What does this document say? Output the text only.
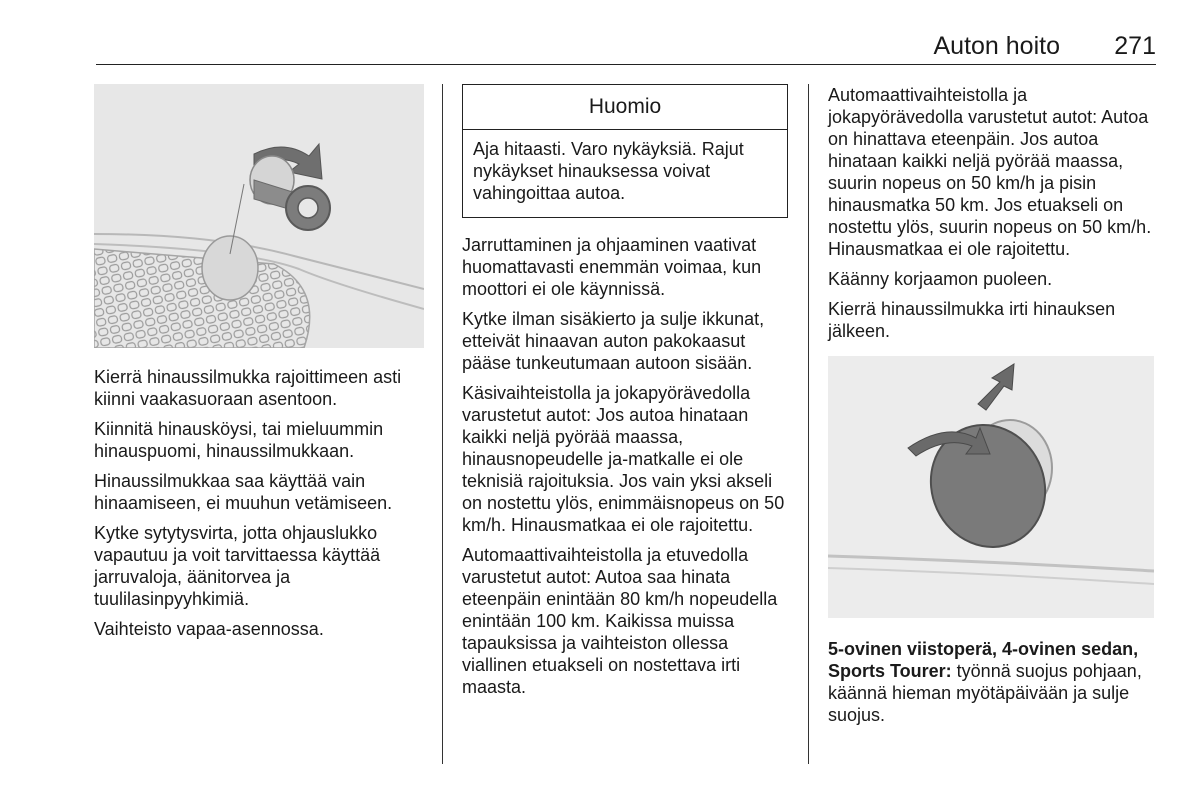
Auton hoito	271

Kierrä hinaussilmukka rajoittimeen asti kiinni vaakasuoraan asentoon.

Kiinnitä hinausköysi, tai mieluummin hinauspuomi, hinaussilmukkaan.

Hinaussilmukkaa saa käyttää vain hinaamiseen, ei muuhun vetämiseen.

Kytke sytytysvirta, jotta ohjauslukko vapautuu ja voit tarvittaessa käyttää jarruvaloja, äänitorvea ja tuulilasinpyyhkimiä.

Vaihteisto vapaa-asennossa.

Huomio
Aja hitaasti. Varo nykäyksiä. Rajut nykäykset hinauksessa voivat vahingoittaa autoa.

Jarruttaminen ja ohjaaminen vaativat huomattavasti enemmän voimaa, kun moottori ei ole käynnissä.

Kytke ilman sisäkierto ja sulje ikkunat, etteivät hinaavan auton pakokaasut pääse tunkeutumaan autoon sisään.

Käsivaihteistolla ja jokapyörävedolla varustetut autot: Jos autoa hinataan kaikki neljä pyörää maassa, hinausnopeudelle ja-matkalle ei ole teknisiä rajoituksia. Jos vain yksi akseli on nostettu ylös, enimmäisnopeus on 50 km/h. Hinausmatkaa ei ole rajoitettu.

Automaattivaihteistolla ja etuvedolla varustetut autot: Autoa saa hinata eteenpäin enintään 80 km/h nopeudella enintään 100 km. Kaikissa muissa tapauksissa ja vaihteiston ollessa viallinen etuakseli on nostettava irti maasta.

Automaattivaihteistolla ja jokapyörävedolla varustetut autot: Autoa on hinattava eteenpäin. Jos autoa hinataan kaikki neljä pyörää maassa, suurin nopeus on 50 km/h ja pisin hinausmatka 50 km. Jos etuakseli on nostettu ylös, suurin nopeus on 50 km/h. Hinausmatkaa ei ole rajoitettu.

Käänny korjaamon puoleen.

Kierrä hinaussilmukka irti hinauksen jälkeen.

5-ovinen viistoperä, 4-ovinen sedan, Sports Tourer: työnnä suojus pohjaan, käännä hieman myötäpäivään ja sulje suojus.
